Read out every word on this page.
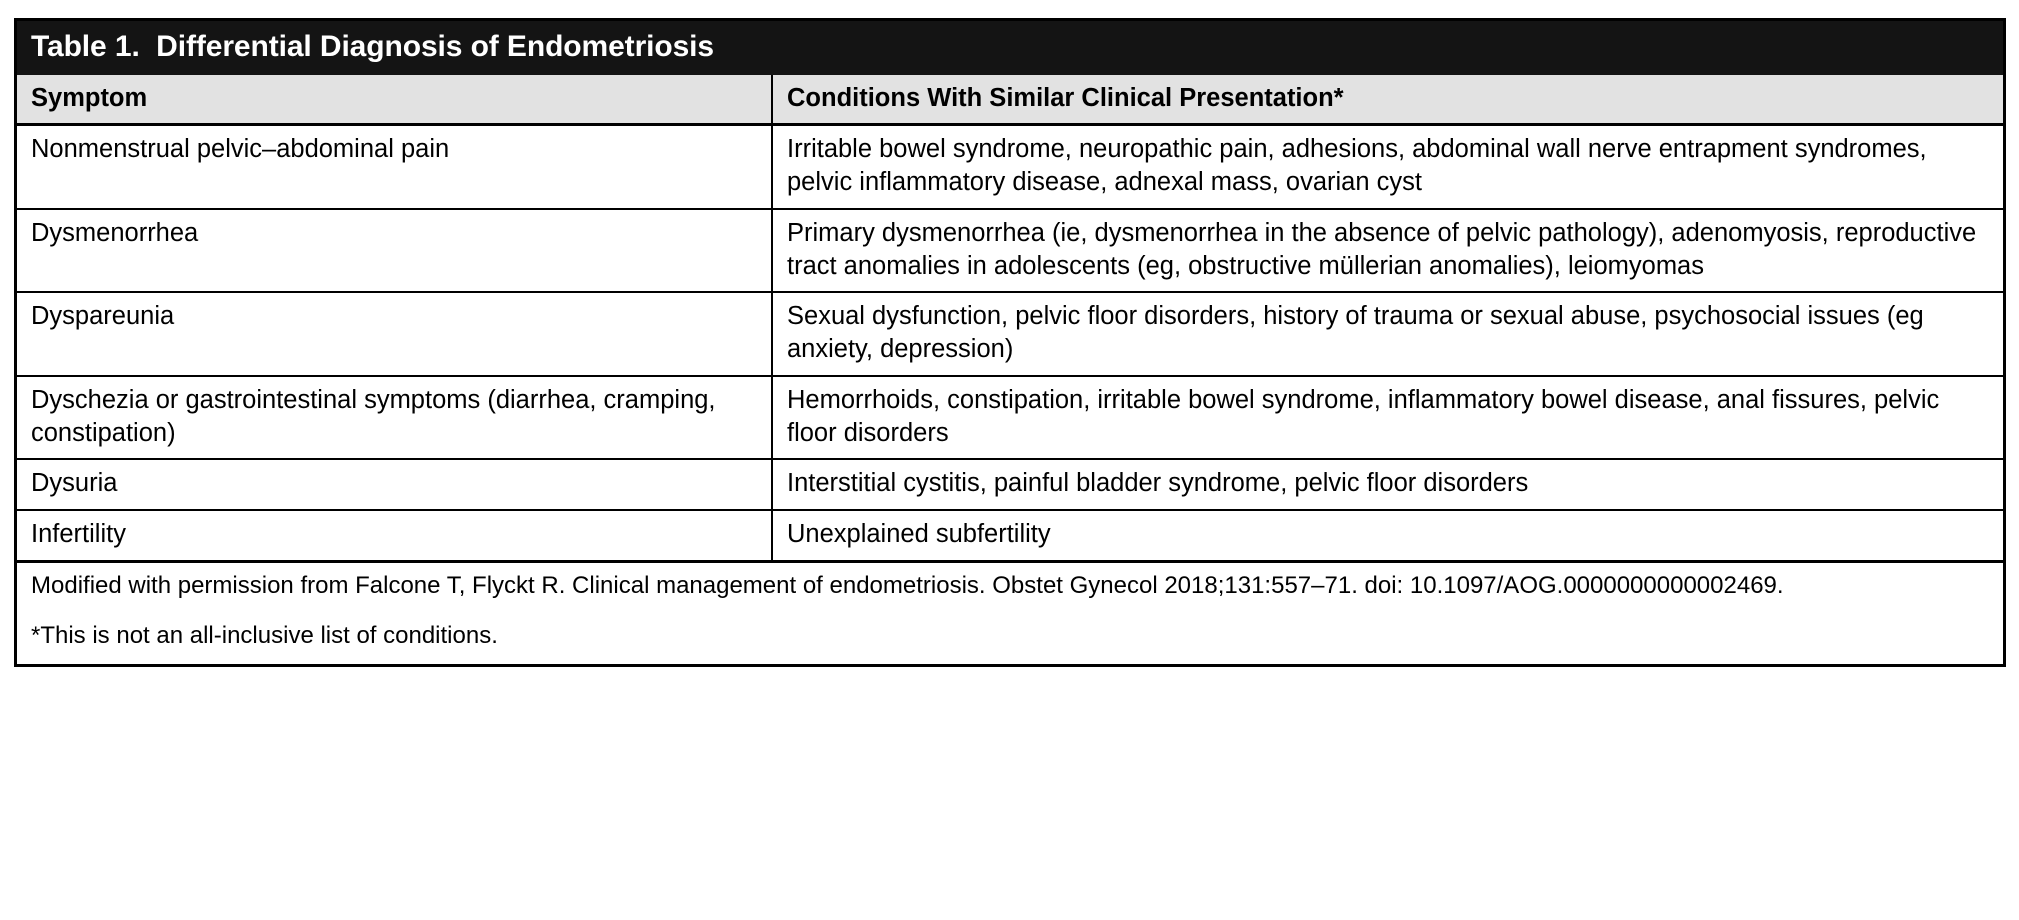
Table 1.  Differential Diagnosis of Endometriosis
Symptom	Conditions With Similar Clinical Presentation*
Nonmenstrual pelvic–abdominal pain	Irritable bowel syndrome, neuropathic pain, adhesions, abdominal wall nerve entrapment syndromes, pelvic inflammatory disease, adnexal mass, ovarian cyst
Dysmenorrhea	Primary dysmenorrhea (ie, dysmenorrhea in the absence of pelvic pathology), adenomyosis, reproductive tract anomalies in adolescents (eg, obstructive müllerian anomalies), leiomyomas
Dyspareunia	Sexual dysfunction, pelvic floor disorders, history of trauma or sexual abuse, psychosocial issues (eg anxiety, depression)
Dyschezia or gastrointestinal symptoms (diarrhea, cramping, constipation)	Hemorrhoids, constipation, irritable bowel syndrome, inflammatory bowel disease, anal fissures, pelvic floor disorders
Dysuria	Interstitial cystitis, painful bladder syndrome, pelvic floor disorders
Infertility	Unexplained subfertility

Modified with permission from Falcone T, Flyckt R. Clinical management of endometriosis. Obstet Gynecol 2018;131:557–71. doi: 10.1097/AOG.0000000000002469.

*This is not an all-inclusive list of conditions.
